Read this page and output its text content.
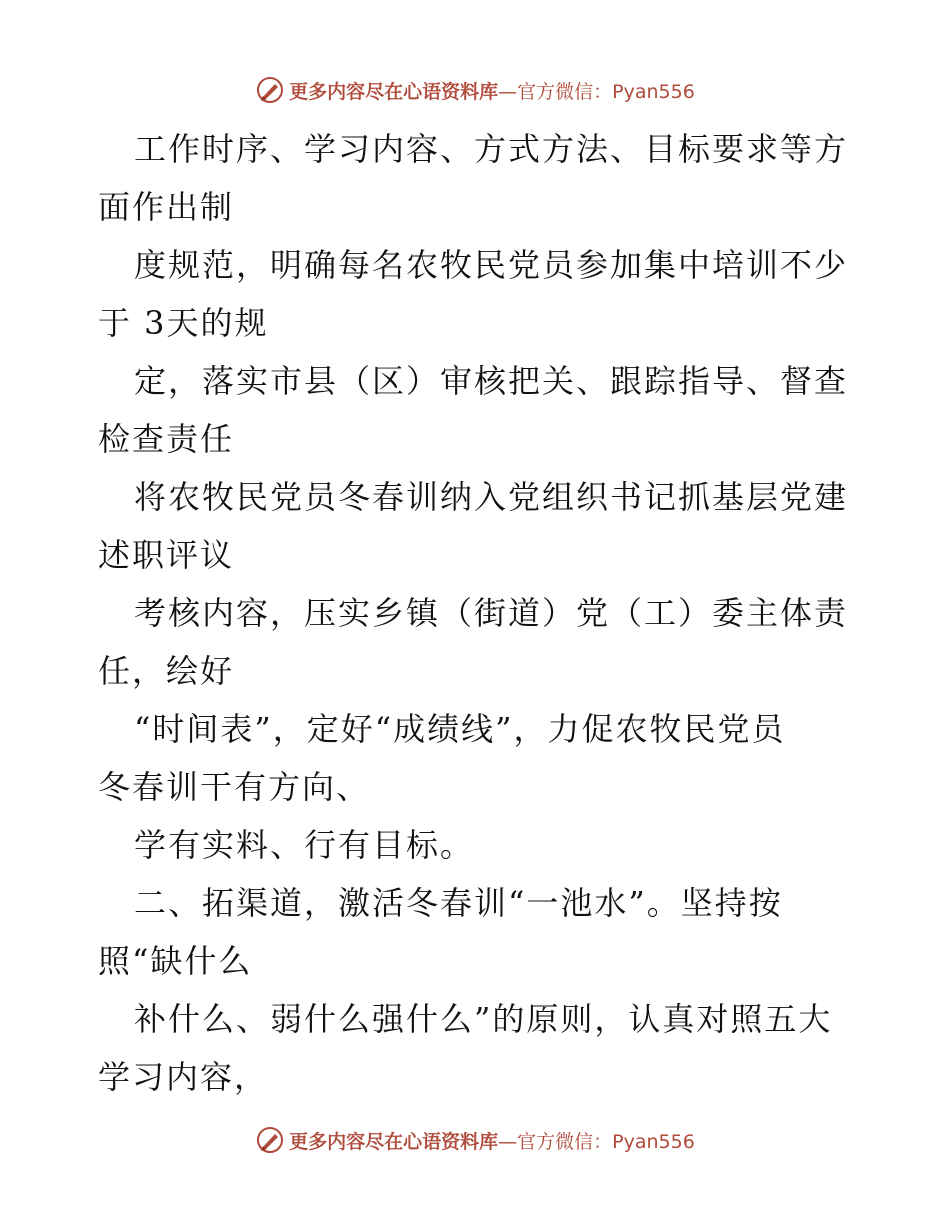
更多内容尽在心语资料库 —官方微信：Pyan556
工作时序、学习内容、方式方法、目标要求等方
面作出制
度规范，明确每名农牧民党员参加集中培训不少
于 3天的规
定，落实市县（区）审核把关、跟踪指导、督查
检查责任
将农牧民党员冬春训纳入党组织书记抓基层党建
述职评议
考核内容，压实乡镇（街道）党（工）委主体责
任，绘好
“时间表”，定好“成绩线”，力促农牧民党员
冬春训干有方向、
学有实料、行有目标。
二、拓渠道，激活冬春训“一池水”。坚持按
照“缺什么
补什么、弱什么强什么”的原则，认真对照五大
学习内容，
更多内容尽在心语资料库 —官方微信：Pyan556
